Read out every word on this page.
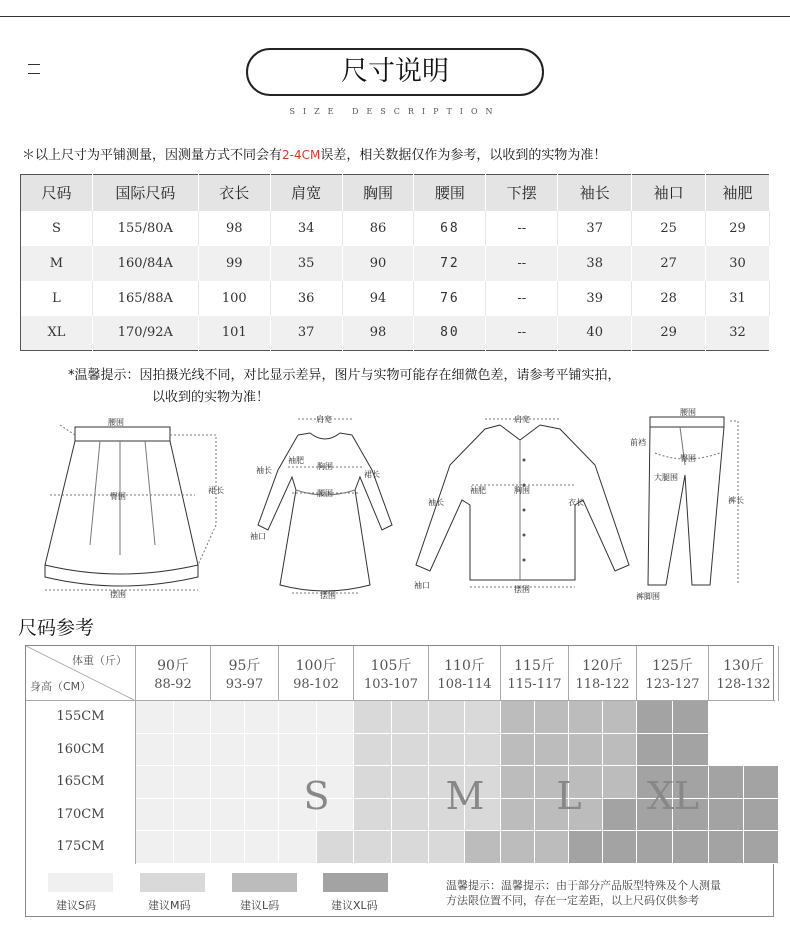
尺寸说明
SIZE DESCRIPTION
＊以上尺寸为平铺测量，因测量方式不同会有2-4CM误差，相关数据仅作为参考，以收到的实物为准！
尺码	国际尺码	衣长	肩宽	胸围	腰围	下摆	袖长	袖口	袖肥
S	155/80A	98	34	86	68	--	37	25	29
M	160/84A	99	35	90	72	--	38	27	30
L	165/88A	100	36	94	76	--	39	28	31
XL	170/92A	101	37	98	80	--	40	29	32
*温馨提示：因拍摄光线不同，对比显示差异，图片与实物可能存在细微色差，请参考平铺实拍，
以收到的实物为准！
腰围
臀围
裙长
摆围
肩宽
袖长
袖肥
胸围
腰围
裙长
袖口
摆围
肩宽
袖长
袖肥	胸围
衣长
袖口	摆围
腰围
前裆
臀围
大腿围
裤长
裤脚围
尺码参考
体重（斤）
身高（CM）
90斤
88-92
95斤
93-97
100斤
98-102
105斤
103-107
110斤
108-114
115斤
115-117
120斤
118-122
125斤
123-127
130斤
128-132
155CM
160CM
165CM
170CM
175CM
S	M	L	XL
建议S码	建议M码	建议L码	建议XL码
温馨提示：温馨提示：由于部分产品版型特殊及个人测量
方法限位置不同，存在一定差距，以上尺码仅供参考
